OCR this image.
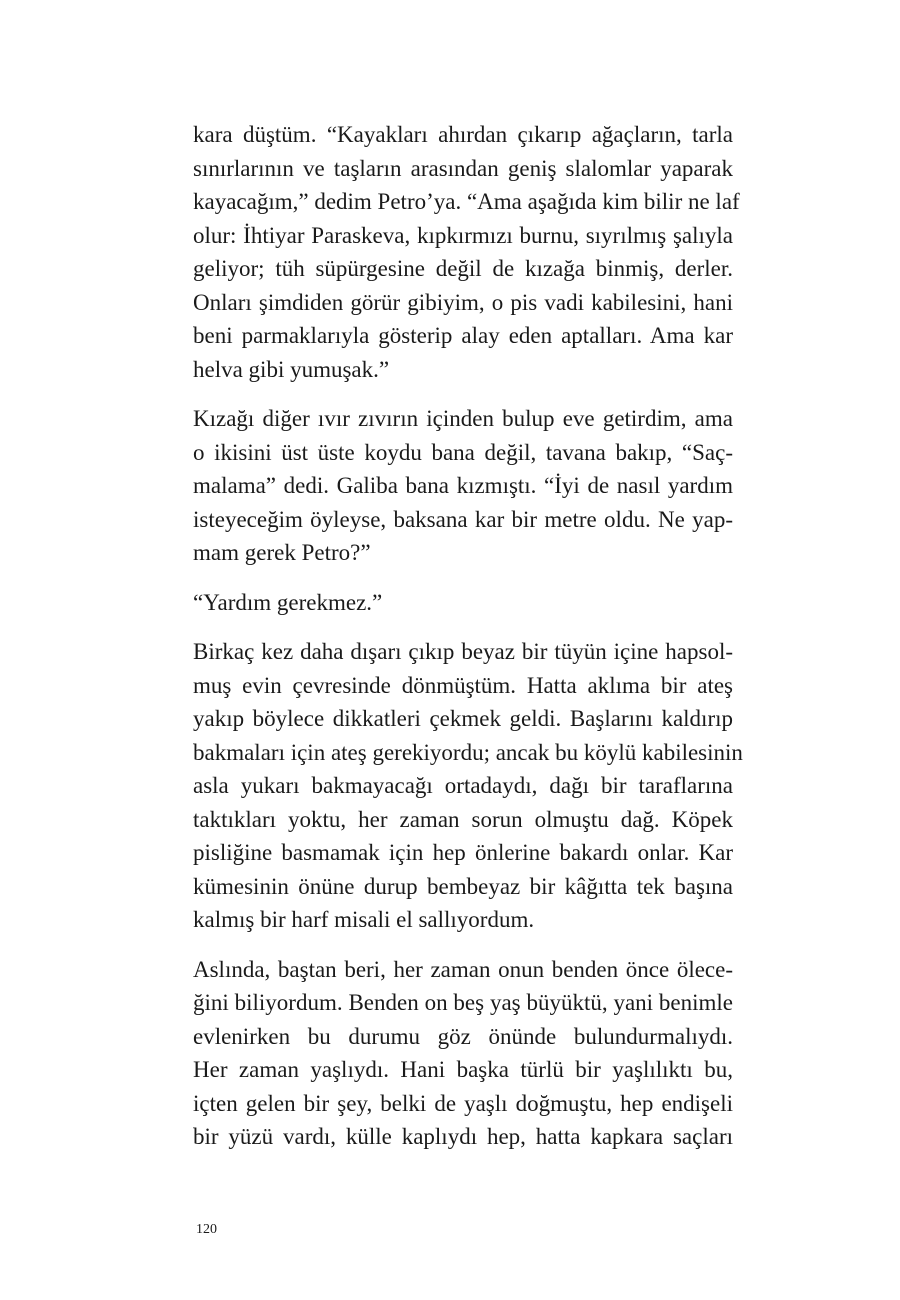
kara düştüm. “Kayakları ahırdan çıkarıp ağaçların, tarla
sınırlarının ve taşların arasından geniş slalomlar yaparak
kayacağım,” dedim Petro’ya. “Ama aşağıda kim bilir ne laf
olur: İhtiyar Paraskeva, kıpkırmızı burnu, sıyrılmış şalıyla
geliyor; tüh süpürgesine değil de kızağa binmiş, derler.
Onları şimdiden görür gibiyim, o pis vadi kabilesini, hani
beni parmaklarıyla gösterip alay eden aptalları. Ama kar
helva gibi yumuşak.”

Kızağı diğer ıvır zıvırın içinden bulup eve getirdim, ama
o ikisini üst üste koydu bana değil, tavana bakıp, “Saç-
malama” dedi. Galiba bana kızmıştı. “İyi de nasıl yardım
isteyeceğim öyleyse, baksana kar bir metre oldu. Ne yap-
mam gerek Petro?”

“Yardım gerekmez.”

Birkaç kez daha dışarı çıkıp beyaz bir tüyün içine hapsol-
muş evin çevresinde dönmüştüm. Hatta aklıma bir ateş
yakıp böylece dikkatleri çekmek geldi. Başlarını kaldırıp
bakmaları için ateş gerekiyordu; ancak bu köylü kabilesinin
asla yukarı bakmayacağı ortadaydı, dağı bir taraflarına
taktıkları yoktu, her zaman sorun olmuştu dağ. Köpek
pisliğine basmamak için hep önlerine bakardı onlar. Kar
kümesinin önüne durup bembeyaz bir kâğıtta tek başına
kalmış bir harf misali el sallıyordum.

Aslında, baştan beri, her zaman onun benden önce ölece-
ğini biliyordum. Benden on beş yaş büyüktü, yani benimle
evlenirken bu durumu göz önünde bulundurmalıydı.
Her zaman yaşlıydı. Hani başka türlü bir yaşlılıktı bu,
içten gelen bir şey, belki de yaşlı doğmuştu, hep endişeli
bir yüzü vardı, külle kaplıydı hep, hatta kapkara saçları

120
